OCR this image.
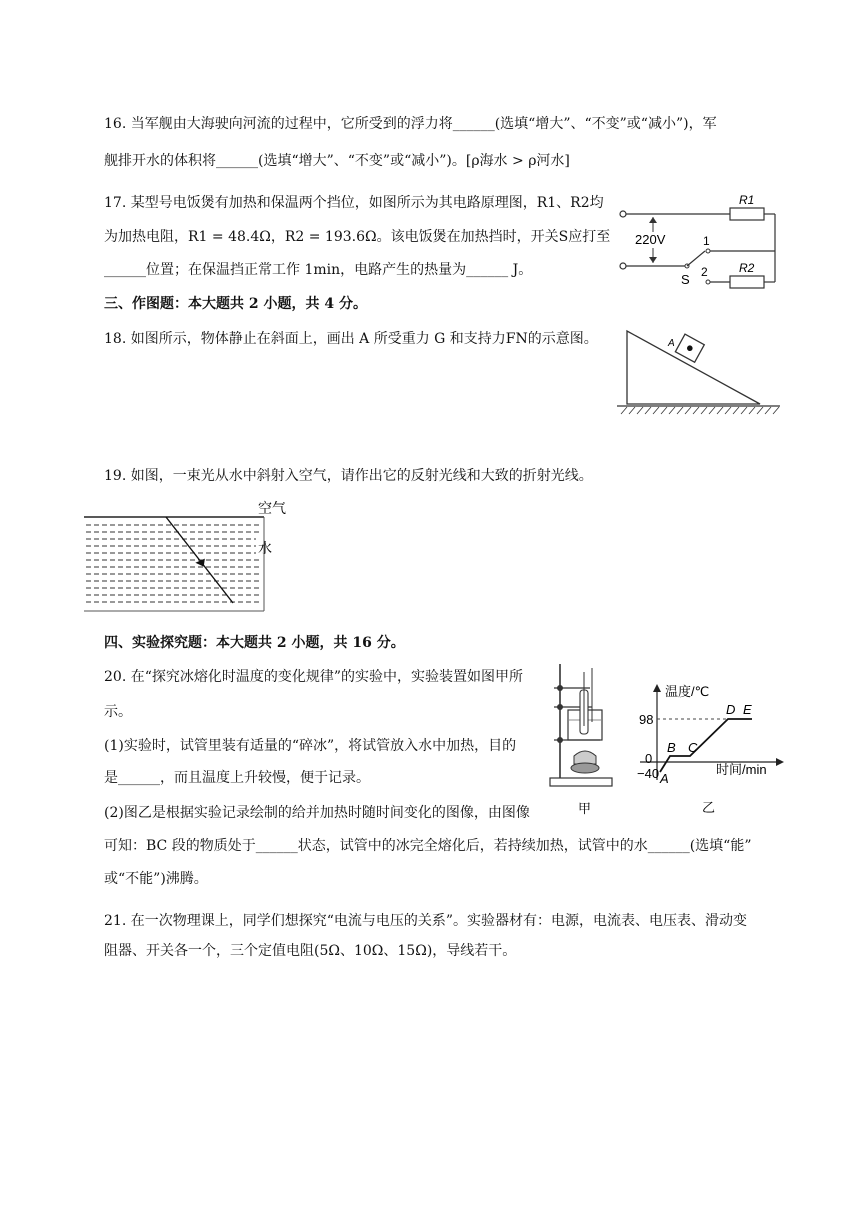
16. 当军舰由大海驶向河流的过程中，它所受到的浮力将______(选填“增大”、“不变”或“减小”)，军
舰排开水的体积将______(选填“增大”、“不变”或“减小”)。[ρ海水 > ρ河水]
17. 某型号电饭煲有加热和保温两个挡位，如图所示为其电路原理图，R1、R2均
为加热电阻，R1 = 48.4Ω，R2 = 193.6Ω。该电饭煲在加热挡时，开关S应打至
______位置；在保温挡正常工作 1min，电路产生的热量为______ J。
220V
R1
R2
1
2
S
三、作图题：本大题共 2 小题，共 4 分。
18. 如图所示，物体静止在斜面上，画出 A 所受重力 G 和支持力FN的示意图。	A
19. 如图，一束光从水中斜射入空气，请作出它的反射光线和大致的折射光线。
空气
水
四、实验探究题：本大题共 2 小题，共 16 分。
20. 在“探究冰熔化时温度的变化规律”的实验中，实验装置如图甲所
示。
(1)实验时，试管里装有适量的“碎冰”，将试管放入水中加热，目的
是______，而且温度上升较慢，便于记录。
(2)图乙是根据实验记录绘制的给并加热时随时间变化的图像，由图像
可知：BC 段的物质处于______状态，试管中的冰完全熔化后，若持续加热，试管中的水______(选填“能”
或“不能”)沸腾。
甲
温度/℃
时间/min
98
0
−40 A
B C
D E
乙
21. 在一次物理课上，同学们想探究“电流与电压的关系”。实验器材有：电源，电流表、电压表、滑动变
阻器、开关各一个，三个定值电阻(5Ω、10Ω、15Ω)，导线若干。
